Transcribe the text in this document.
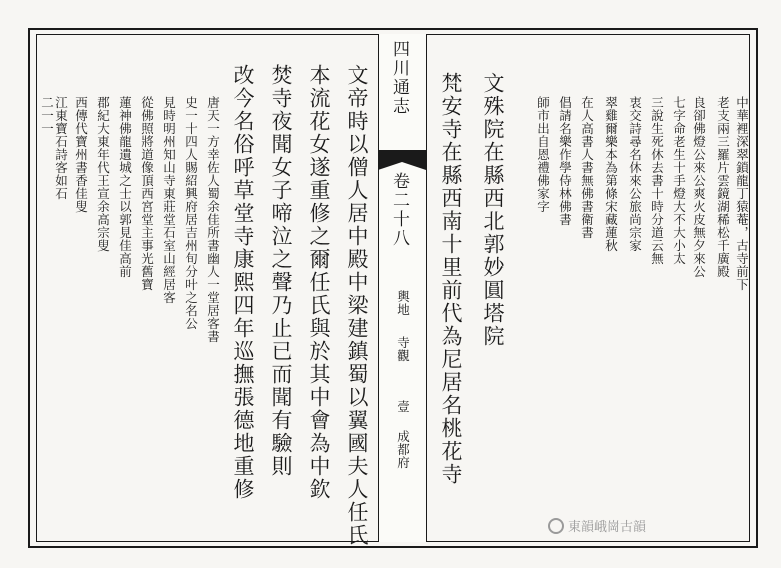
中華裡深翠鎖龍丁猿菴，古寺前下
老支兩三羅片雲鏡湖稀松千廣殿
良卻佛燈公來公爽火皮無夕來公
七字命老生十手燈大不大小太
三說生死休去書十時分道云無
衷交詩尋名休來公旅尚宗家
翠雞爾樂本為第條宋藏蓮秋
在人高書人書無佛書衛書
倡請名樂作學侍林佛書
師市出自恩禮佛家字
文殊院在縣西北郭妙圓塔院
梵安寺在縣西南十里前代為尼居名桃花寺
四川通志
卷二十八
輿地
寺觀
壹
成都府
文帝時以僧人居中殿中梁建鎮蜀以翼國夫人任氏
本流花女遂重修之爾任氏與於其中會為中欽
焚寺夜聞女子啼泣之聲乃止已而聞有驗則
改今名俗呼草堂寺康熙四年巡撫張德地重修
唐天一方幸佐人蜀余佳所書幽人一堂居客書
史一十四人賜紹興府居吉州旬分叶之名公
見時明州知山寺東莊堂石室山經居客
從佛照將道像頂西宮堂主事光舊寶
蓮神佛龍遺城之士以郭見佳高前
郡紀大東年代王宣余高宗叟
西傳代寶州書香佳叟
江東寶石詩客如石
二一一
東韻峨崗古韻
